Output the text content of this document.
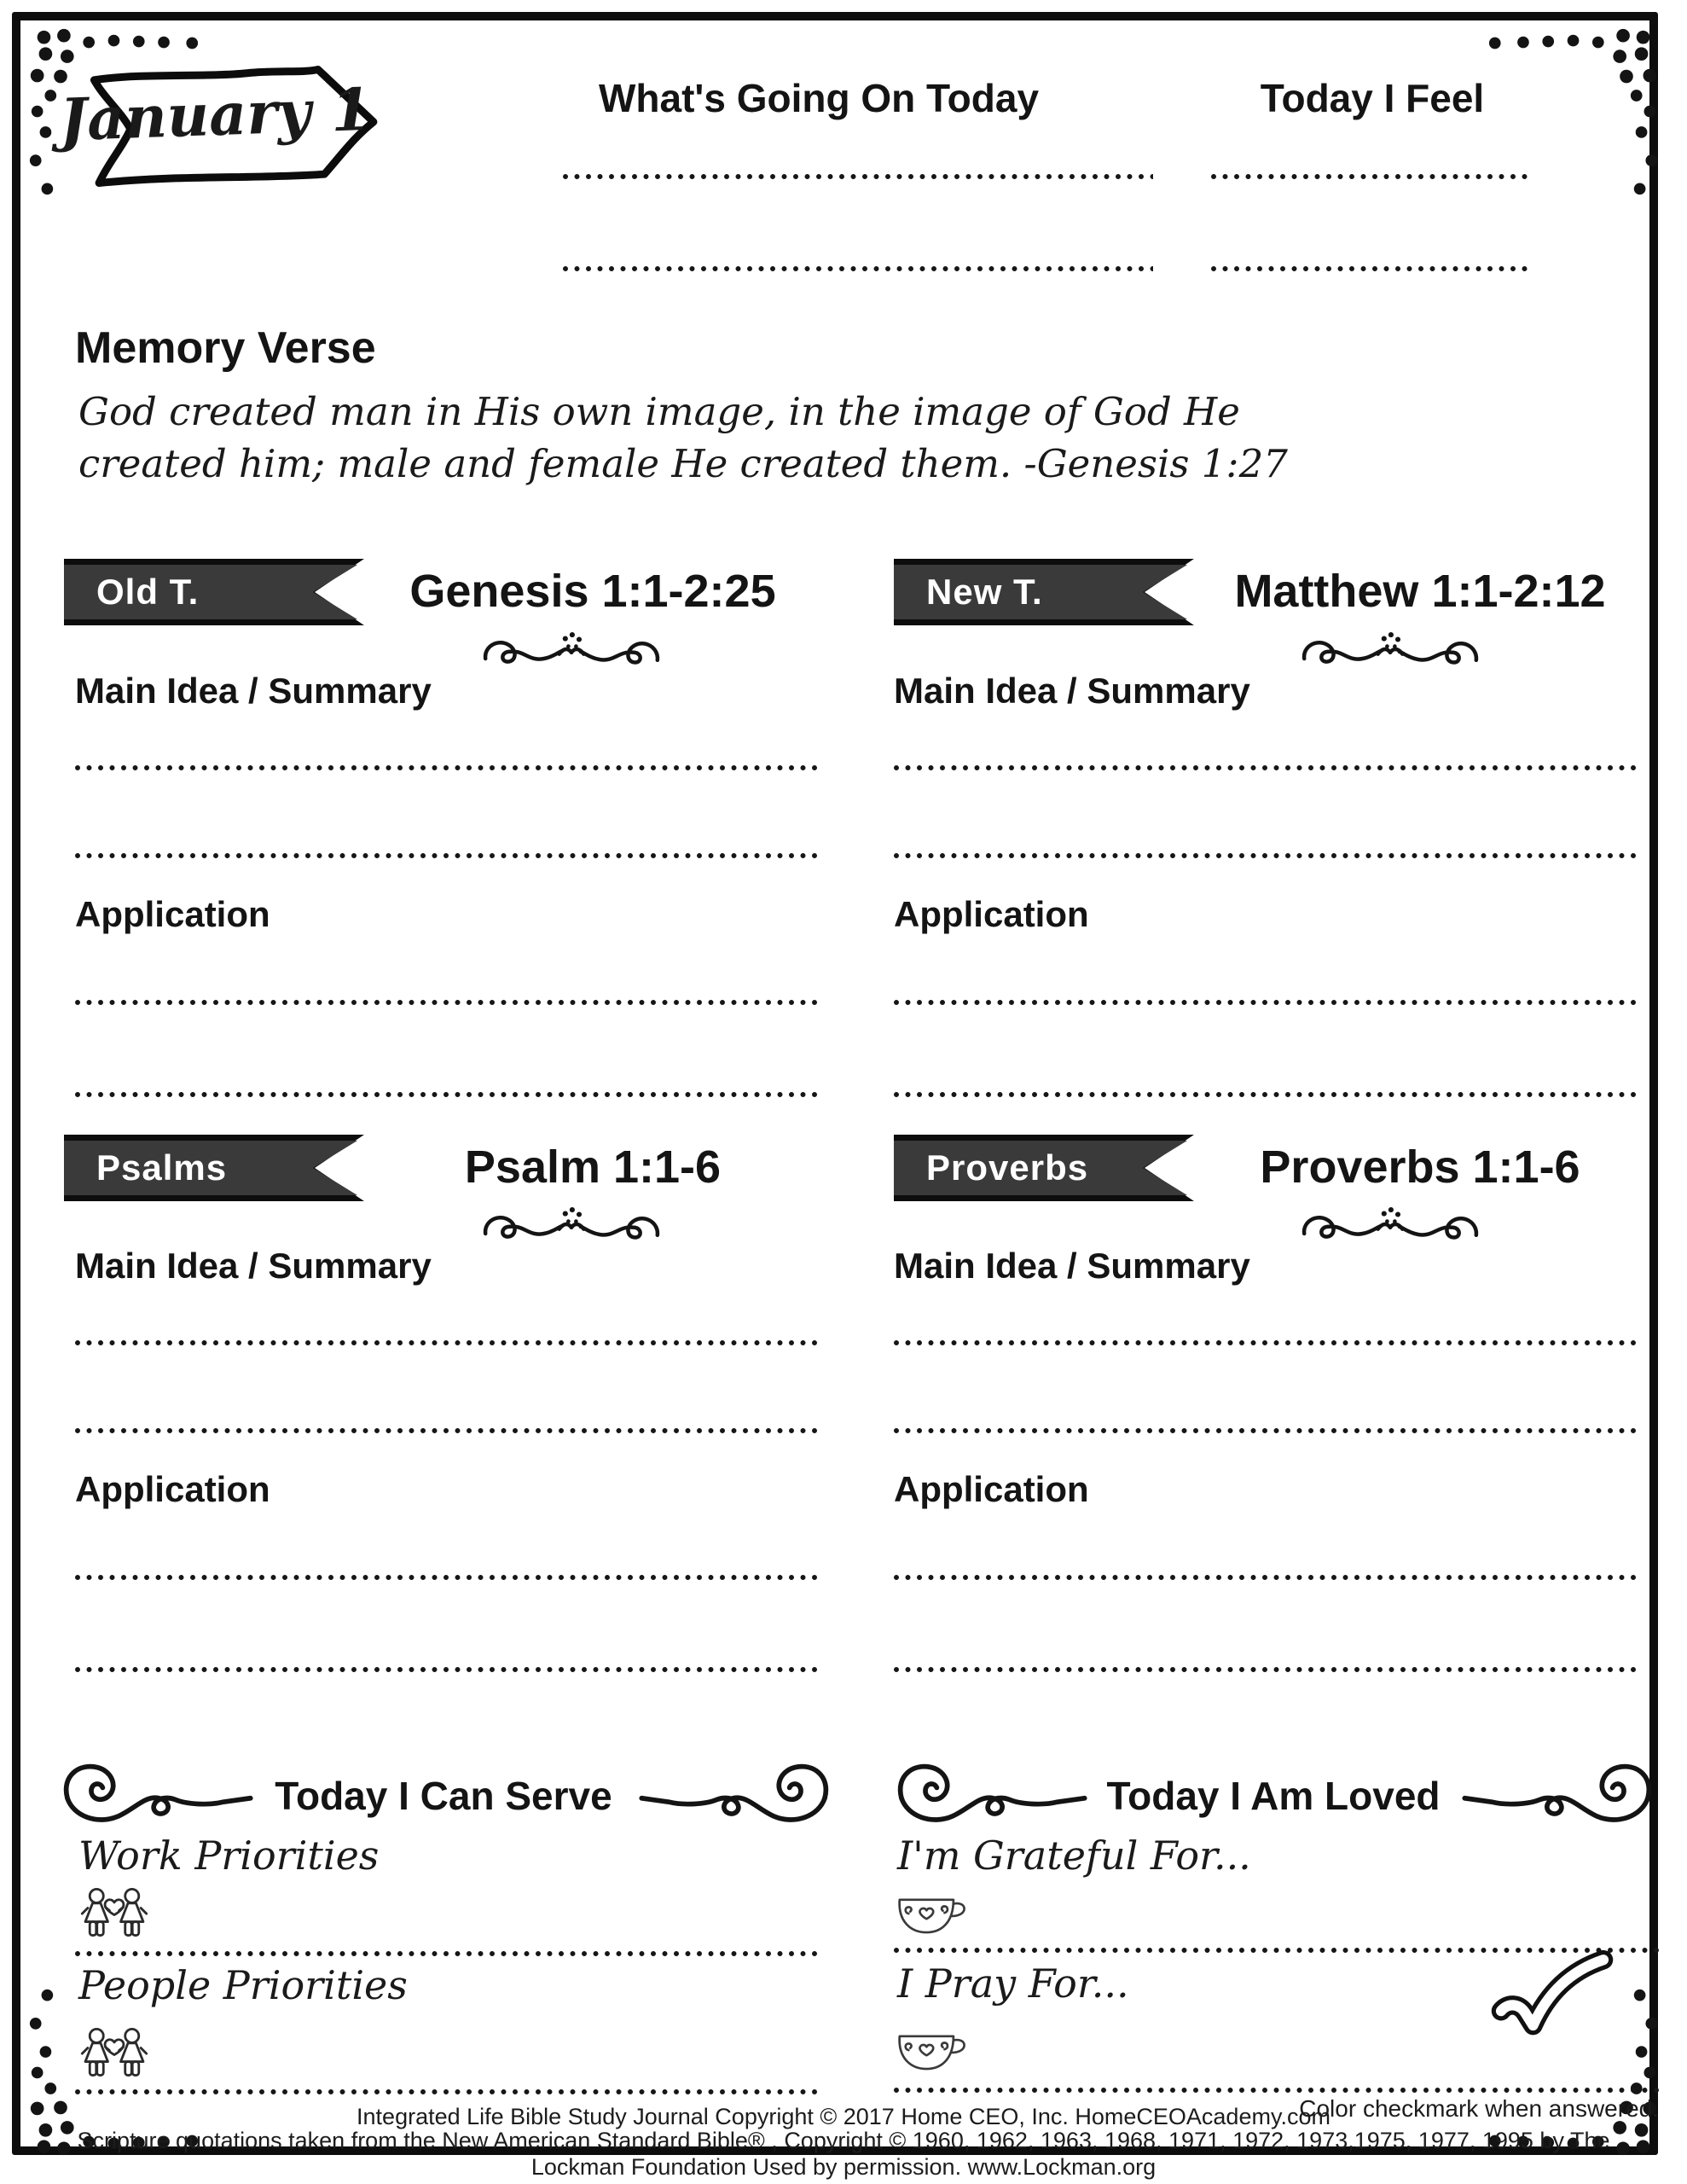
January 1	What's Going On Today	Today I Feel
Memory Verse
God created man in His own image, in the image of God He created him; male and female He created them. -Genesis 1:27
Old T.	Genesis 1:1-2:25
Main Idea / Summary
Application
New T.	Matthew 1:1-2:12
Main Idea / Summary
Application
Psalms	Psalm 1:1-6
Main Idea / Summary
Application
Proverbs	Proverbs 1:1-6
Main Idea / Summary
Application
Today I Can Serve
Work Priorities
People Priorities
Today I Am Loved
I'm Grateful For...
I Pray For...
Color checkmark when answered.
Integrated Life Bible Study Journal Copyright © 2017 Home CEO, Inc. HomeCEOAcademy.com
Scripture quotations taken from the New American Standard Bible® , Copyright © 1960, 1962, 1963, 1968, 1971, 1972, 1973,1975, 1977, 1995 by The Lockman Foundation Used by permission. www.Lockman.org
